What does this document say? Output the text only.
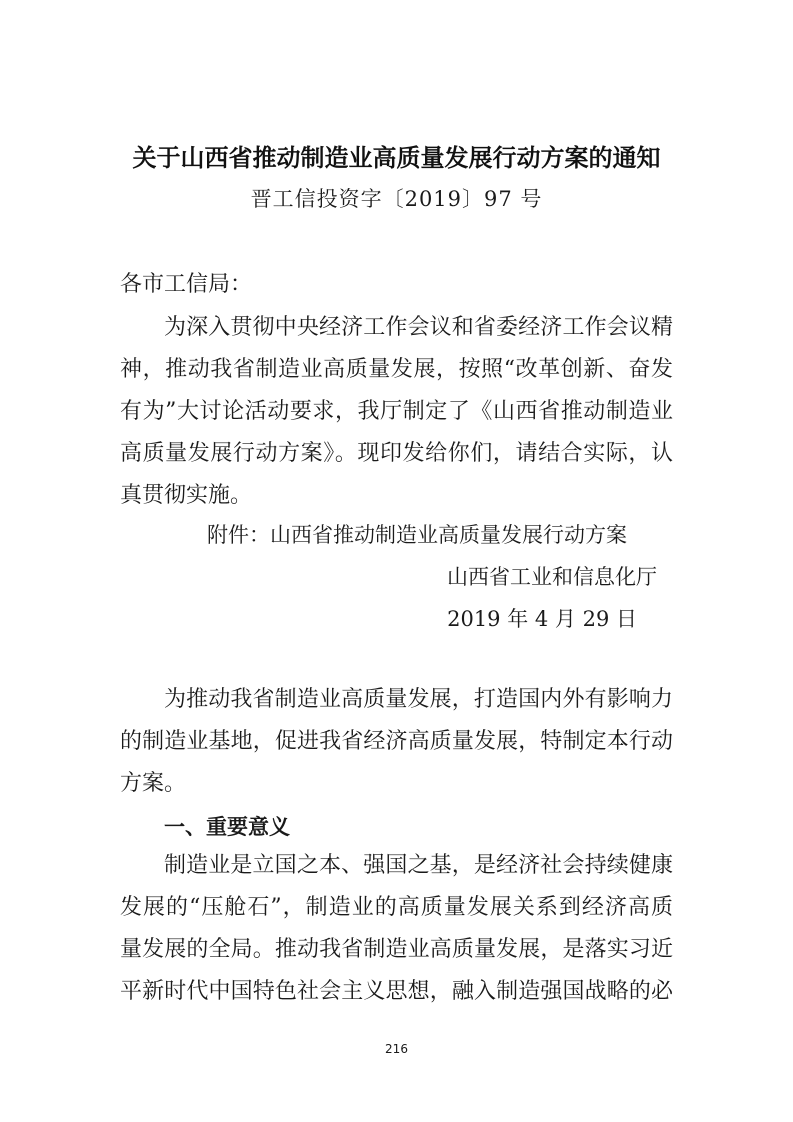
关于山西省推动制造业高质量发展行动方案的通知
晋工信投资字〔2019〕97 号
各市工信局：
为深入贯彻中央经济工作会议和省委经济工作会议精
神，推动我省制造业高质量发展，按照“改革创新、奋发
有为”大讨论活动要求，我厅制定了《山西省推动制造业
高质量发展行动方案》。现印发给你们，请结合实际，认
真贯彻实施。
附件：山西省推动制造业高质量发展行动方案
山西省工业和信息化厅
2019 年 4 月 29 日
为推动我省制造业高质量发展，打造国内外有影响力
的制造业基地，促进我省经济高质量发展，特制定本行动
方案。
一、重要意义
制造业是立国之本、强国之基，是经济社会持续健康
发展的“压舱石”，制造业的高质量发展关系到经济高质
量发展的全局。推动我省制造业高质量发展，是落实习近
平新时代中国特色社会主义思想，融入制造强国战略的必
216
